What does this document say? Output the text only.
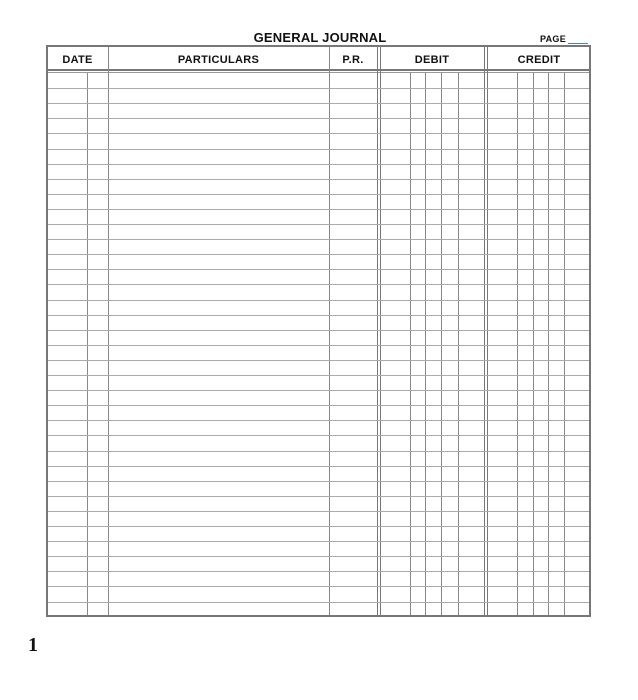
GENERAL JOURNAL	PAGE
DATE	PARTICULARS	P.R.	DEBIT	CREDIT
1
